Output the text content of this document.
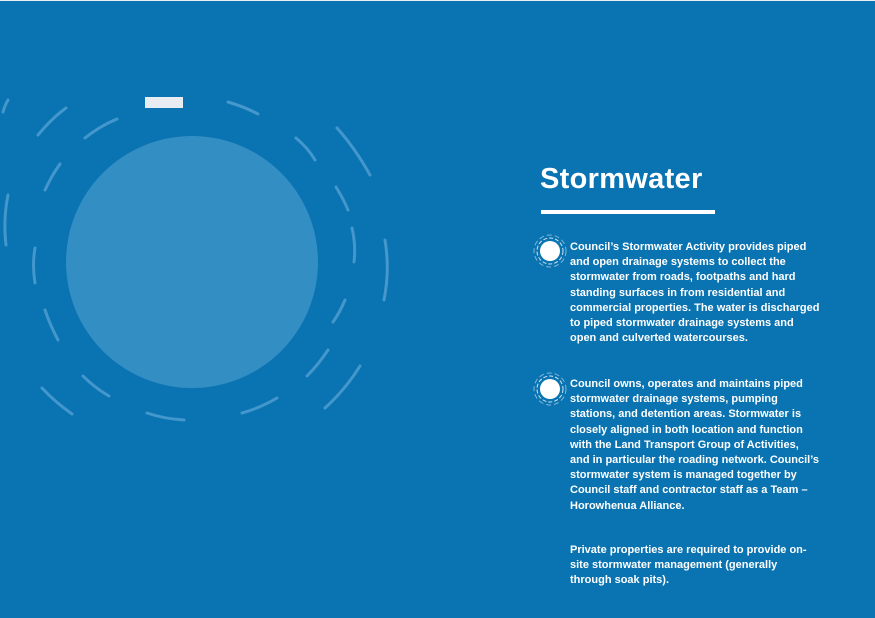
Stormwater

Council’s Stormwater Activity provides piped and open drainage systems to collect the stormwater from roads, footpaths and hard standing surfaces in from residential and commercial properties. The water is discharged to piped stormwater drainage systems and open and culverted watercourses.

Council owns, operates and maintains piped stormwater drainage systems, pumping stations, and detention areas. Stormwater is closely aligned in both location and function with the Land Transport Group of Activities, and in particular the roading network. Council’s stormwater system is managed together by Council staff and contractor staff as a Team – Horowhenua Alliance.

Private properties are required to provide on-site stormwater management (generally through soak pits).
